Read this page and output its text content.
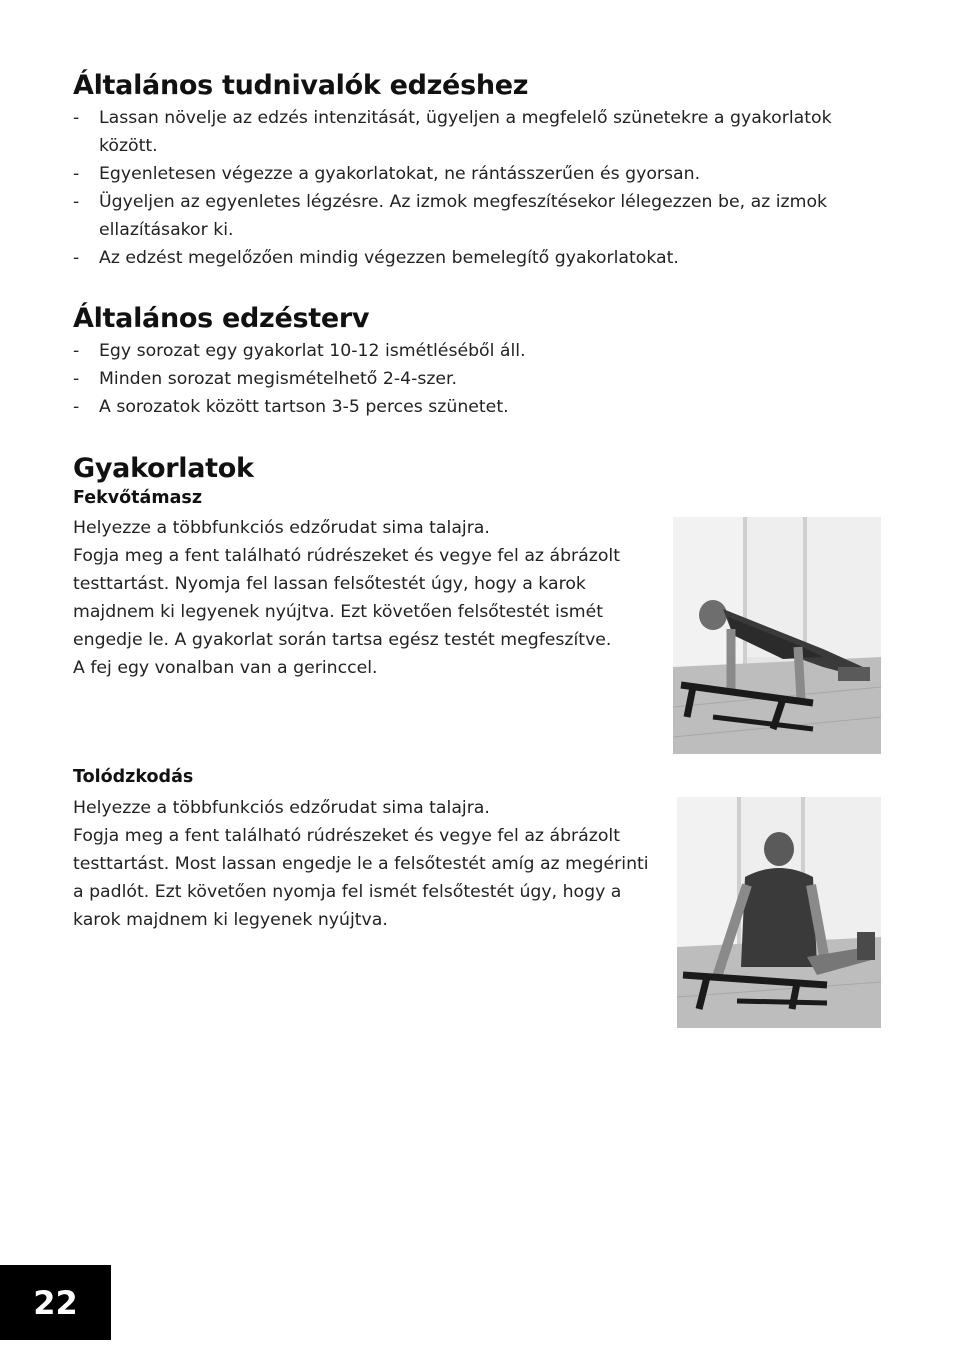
Általános tudnivalók edzéshez
- Lassan növelje az edzés intenzitását, ügyeljen a megfelelő szünetekre a gyakorlatok között.
- Egyenletesen végezze a gyakorlatokat, ne rántásszerűen és gyorsan.
- Ügyeljen az egyenletes légzésre. Az izmok megfeszítésekor lélegezzen be, az izmok ellazításakor ki.
- Az edzést megelőzően mindig végezzen bemelegítő gyakorlatokat.
Általános edzésterv
- Egy sorozat egy gyakorlat 10-12 ismétléséből áll.
- Minden sorozat megismételhető 2-4-szer.
- A sorozatok között tartson 3-5 perces szünetet.
Gyakorlatok
Fekvőtámasz
Helyezze a többfunkciós edzőrudat sima talajra.
Fogja meg a fent található rúdrészeket és vegye fel az ábrázolt
testtartást. Nyomja fel lassan felsőtestét úgy, hogy a karok
majdnem ki legyenek nyújtva. Ezt követően felsőtestét ismét
engedje le. A gyakorlat során tartsa egész testét megfeszítve.
A fej egy vonalban van a gerinccel.
Tolódzkodás
Helyezze a többfunkciós edzőrudat sima talajra.
Fogja meg a fent található rúdrészeket és vegye fel az ábrázolt
testtartást. Most lassan engedje le a felsőtestét amíg az megérinti
a padlót. Ezt követően nyomja fel ismét felsőtestét úgy, hogy a
karok majdnem ki legyenek nyújtva.
22
